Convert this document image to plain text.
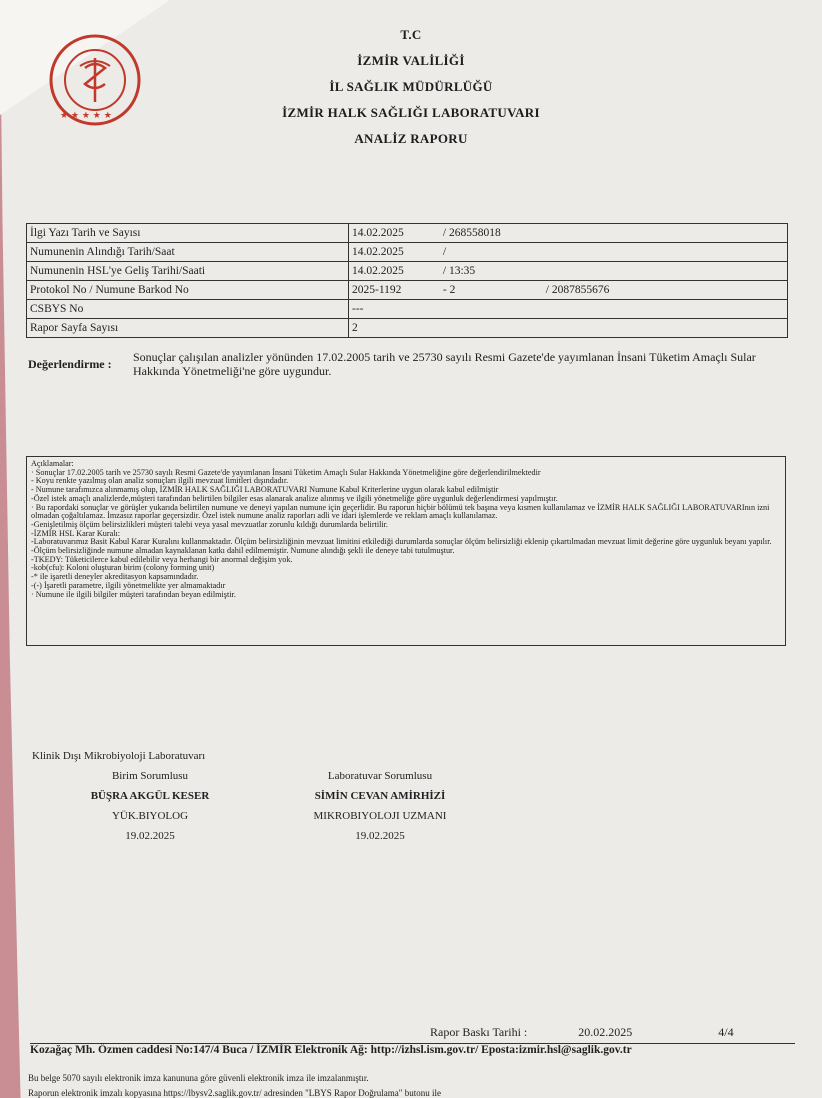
★ ★ ★ ★ ★
T.C
İZMİR VALİLİĞİ
İL SAĞLIK MÜDÜRLÜĞÜ
İZMİR HALK SAĞLIĞI LABORATUVARI
ANALİZ RAPORU
İlgi Yazı Tarih ve Sayısı	14.02.2025 / 268558018
Numunenin Alındığı Tarih/Saat	14.02.2025 /
Numunenin HSL'ye Geliş Tarihi/Saati	14.02.2025 / 13:35
Protokol No / Numune Barkod No	2025-1192 - 2 / 2087855676
CSBYS No	---
Rapor Sayfa Sayısı	2
Değerlendirme : Sonuçlar çalışılan analizler yönünden 17.02.2005 tarih ve 25730 sayılı Resmi Gazete'de yayımlanan İnsani Tüketim Amaçlı Sular Hakkında Yönetmeliği'ne göre uygundur.
Açıklamalar:
· Sonuçlar 17.02.2005 tarih ve 25730 sayılı Resmi Gazete'de yayımlanan İnsani Tüketim Amaçlı Sular Hakkında Yönetmeliğine göre değerlendirilmektedir
- Koyu renkte yazılmış olan analiz sonuçları ilgili mevzuat limitleri dışındadır.
- Numune tarafımızca alınmamış olup, İZMİR HALK SAĞLIĞI LABORATUVARI Numune Kabul Kriterlerine uygun olarak kabul edilmiştir
-Özel istek amaçlı analizlerde,müşteri tarafından belirtilen bilgiler esas alanarak analize alınmış ve ilgili yönetmeliğe göre uygunluk değerlendirmesi yapılmıştır.
· Bu rapordaki sonuçlar ve görüşler yukarıda belirtilen numune ve deneyi yapılan numune için geçerlidir. Bu raporun hiçbir bölümü tek başına veya kısmen kullanılamaz ve İZMİR HALK SAĞLIĞI LABORATUVARInın izni olmadan çoğaltılamaz. İmzasız raporlar geçersizdir. Özel istek numune analiz raporları adli ve idari işlemlerde ve reklam amaçlı kullanılamaz.
-Genişletilmiş ölçüm belirsizlikleri müşteri talebi veya yasal mevzuatlar zorunlu kıldığı durumlarda belirtilir.
-İZMİR HSL Karar Kuralı:
-Laboratuvarımız Basit Kabul Karar Kuralını kullanmaktadır. Ölçüm belirsizliğinin mevzuat limitini etkilediği durumlarda sonuçlar ölçüm belirsizliği eklenip çıkartılmadan mevzuat limit değerine göre uygunluk beyanı yapılır.
-Ölçüm belirsizliğinde numune almadan kaynaklanan katkı dahil edilmemiştir. Numune alındığı şekli ile deneye tabi tutulmuştur.
-TKEDY: Tüketicilerce kabul edilebilir veya herhangi bir anormal değişim yok.
-kob(cfu): Koloni oluşturan birim (colony forming unit)
-* ile işaretli deneyler akreditasyon kapsamındadır.
-(-) İşaretli parametre, ilgili yönetmelikte yer almamaktadır
· Numune ile ilgili bilgiler müşteri tarafından beyan edilmiştir.
Klinik Dışı Mikrobiyoloji Laboratuvarı
Birim Sorumlusu
BÜŞRA AKGÜL KESER
YÜK.BIYOLOG
19.02.2025
Laboratuvar Sorumlusu
SİMİN CEVAN AMİRHİZİ
MIKROBIYOLOJI UZMANI
19.02.2025
Rapor Baskı Tarihi :	20.02.2025	4/4
Kozağaç Mh. Özmen caddesi No:147/4 Buca / İZMİR Elektronik Ağ: http://izhsl.ism.gov.tr/ Eposta:izmir.hsl@saglik.gov.tr
Bu belge 5070 sayılı elektronik imza kanununa göre güvenli elektronik imza ile imzalanmıştır.
Raporun elektronik imzalı kopyasına https://lbysv2.saglik.gov.tr/ adresinden "LBYS Rapor Doğrulama" butonu ile
